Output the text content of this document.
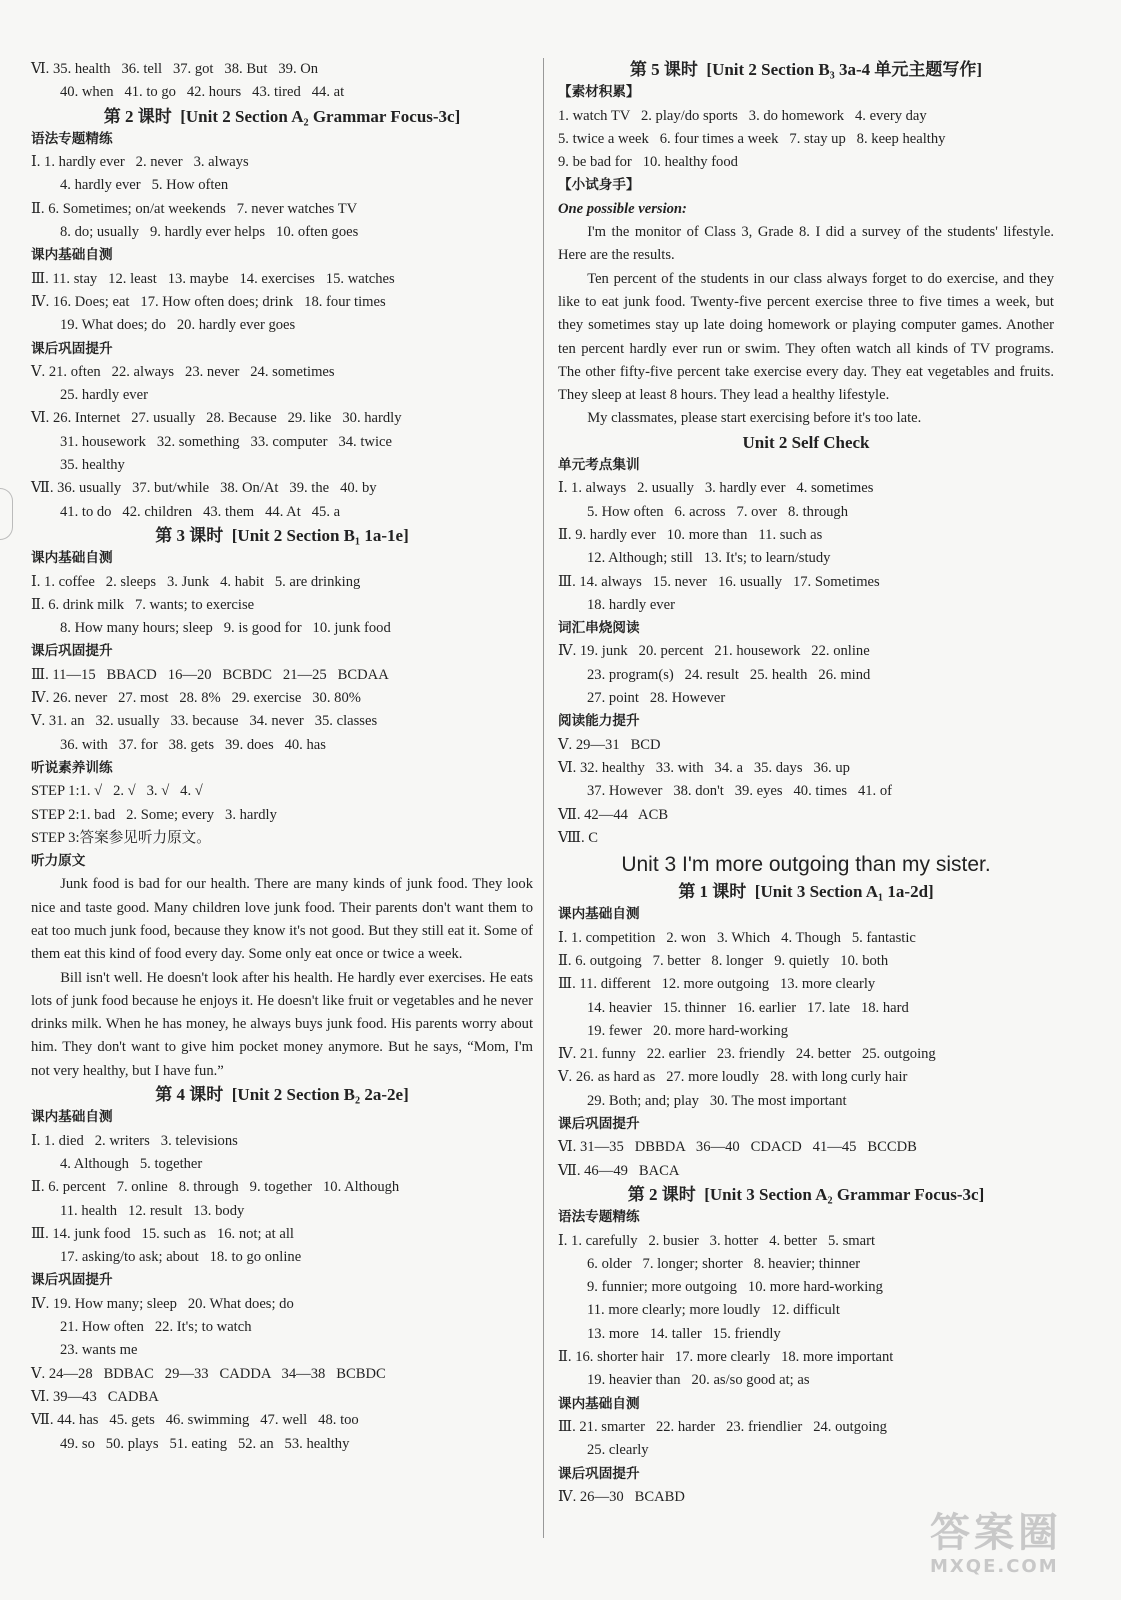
Ⅵ. 35. health   36. tell   37. got   38. But   39. On
40. when   41. to go   42. hours   43. tired   44. at
第 2 课时  [Unit 2 Section A₂ Grammar Focus-3c]
语法专题精练
Ⅰ. 1. hardly ever   2. never   3. always
4. hardly ever   5. How often
Ⅱ. 6. Sometimes; on/at weekends   7. never watches TV
8. do; usually   9. hardly ever helps   10. often goes
课内基础自测
Ⅲ. 11. stay   12. least   13. maybe   14. exercises   15. watches
Ⅳ. 16. Does; eat   17. How often does; drink   18. four times
19. What does; do   20. hardly ever goes
课后巩固提升
Ⅴ. 21. often   22. always   23. never   24. sometimes
25. hardly ever
Ⅵ. 26. Internet   27. usually   28. Because   29. like   30. hardly
31. housework   32. something   33. computer   34. twice
35. healthy
Ⅶ. 36. usually   37. but/while   38. On/At   39. the   40. by
41. to do   42. children   43. them   44. At   45. a
第 3 课时  [Unit 2 Section B₁ 1a-1e]
课内基础自测
Ⅰ. 1. coffee   2. sleeps   3. Junk   4. habit   5. are drinking
Ⅱ. 6. drink milk   7. wants; to exercise
8. How many hours; sleep   9. is good for   10. junk food
课后巩固提升
Ⅲ. 11—15   BBACD   16—20   BCBDC   21—25   BCDAA
Ⅳ. 26. never   27. most   28. 8%   29. exercise   30. 80%
Ⅴ. 31. an   32. usually   33. because   34. never   35. classes
36. with   37. for   38. gets   39. does   40. has
听说素养训练
STEP 1:1. √   2. √   3. √   4. √
STEP 2:1. bad   2. Some; every   3. hardly
STEP 3:答案参见听力原文。
听力原文
Junk food is bad for our health. There are many kinds of junk food. They look nice and taste good. Many children love junk food. Their parents don't want them to eat too much junk food, because they know it's not good. But they still eat it. Some of them eat this kind of food every day. Some only eat once or twice a week.
Bill isn't well. He doesn't look after his health. He hardly ever exercises. He eats lots of junk food because he enjoys it. He doesn't like fruit or vegetables and he never drinks milk. When he has money, he always buys junk food. His parents worry about him. They don't want to give him pocket money anymore. But he says, “Mom, I'm not very healthy, but I have fun.”
第 4 课时  [Unit 2 Section B₂ 2a-2e]
课内基础自测
Ⅰ. 1. died   2. writers   3. televisions
4. Although   5. together
Ⅱ. 6. percent   7. online   8. through   9. together   10. Although
11. health   12. result   13. body
Ⅲ. 14. junk food   15. such as   16. not; at all
17. asking/to ask; about   18. to go online
课后巩固提升
Ⅳ. 19. How many; sleep   20. What does; do
21. How often   22. It's; to watch
23. wants me
Ⅴ. 24—28   BDBAC   29—33   CADDA   34—38   BCBDC
Ⅵ. 39—43   CADBA
Ⅶ. 44. has   45. gets   46. swimming   47. well   48. too
49. so   50. plays   51. eating   52. an   53. healthy
第 5 课时  [Unit 2 Section B₃ 3a-4 单元主题写作]
【素材积累】
1. watch TV   2. play/do sports   3. do homework   4. every day
5. twice a week   6. four times a week   7. stay up   8. keep healthy
9. be bad for   10. healthy food
【小试身手】
One possible version:
I'm the monitor of Class 3, Grade 8. I did a survey of the students' lifestyle. Here are the results.
Ten percent of the students in our class always forget to do exercise, and they like to eat junk food. Twenty-five percent exercise three to five times a week, but they sometimes stay up late doing homework or playing computer games. Another ten percent hardly ever run or swim. They often watch all kinds of TV programs. The other fifty-five percent take exercise every day. They eat vegetables and fruits. They sleep at least 8 hours. They lead a healthy lifestyle.
My classmates, please start exercising before it's too late.
Unit 2 Self Check
单元考点集训
Ⅰ. 1. always   2. usually   3. hardly ever   4. sometimes
5. How often   6. across   7. over   8. through
Ⅱ. 9. hardly ever   10. more than   11. such as
12. Although; still   13. It's; to learn/study
Ⅲ. 14. always   15. never   16. usually   17. Sometimes
18. hardly ever
词汇串烧阅读
Ⅳ. 19. junk   20. percent   21. housework   22. online
23. program(s)   24. result   25. health   26. mind
27. point   28. However
阅读能力提升
Ⅴ. 29—31   BCD
Ⅵ. 32. healthy   33. with   34. a   35. days   36. up
37. However   38. don't   39. eyes   40. times   41. of
Ⅶ. 42—44   ACB
Ⅷ. C
Unit 3 I'm more outgoing than my sister.
第 1 课时  [Unit 3 Section A₁ 1a-2d]
课内基础自测
Ⅰ. 1. competition   2. won   3. Which   4. Though   5. fantastic
Ⅱ. 6. outgoing   7. better   8. longer   9. quietly   10. both
Ⅲ. 11. different   12. more outgoing   13. more clearly
14. heavier   15. thinner   16. earlier   17. late   18. hard
19. fewer   20. more hard-working
Ⅳ. 21. funny   22. earlier   23. friendly   24. better   25. outgoing
Ⅴ. 26. as hard as   27. more loudly   28. with long curly hair
29. Both; and; play   30. The most important
课后巩固提升
Ⅵ. 31—35   DBBDA   36—40   CDACD   41—45   BCCDB
Ⅶ. 46—49   BACA
第 2 课时  [Unit 3 Section A₂ Grammar Focus-3c]
语法专题精练
Ⅰ. 1. carefully   2. busier   3. hotter   4. better   5. smart
6. older   7. longer; shorter   8. heavier; thinner
9. funnier; more outgoing   10. more hard-working
11. more clearly; more loudly   12. difficult
13. more   14. taller   15. friendly
Ⅱ. 16. shorter hair   17. more clearly   18. more important
19. heavier than   20. as/so good at; as
课内基础自测
Ⅲ. 21. smarter   22. harder   23. friendlier   24. outgoing
25. clearly
课后巩固提升
Ⅳ. 26—30   BCABD
答案圈
MXQE.COM
